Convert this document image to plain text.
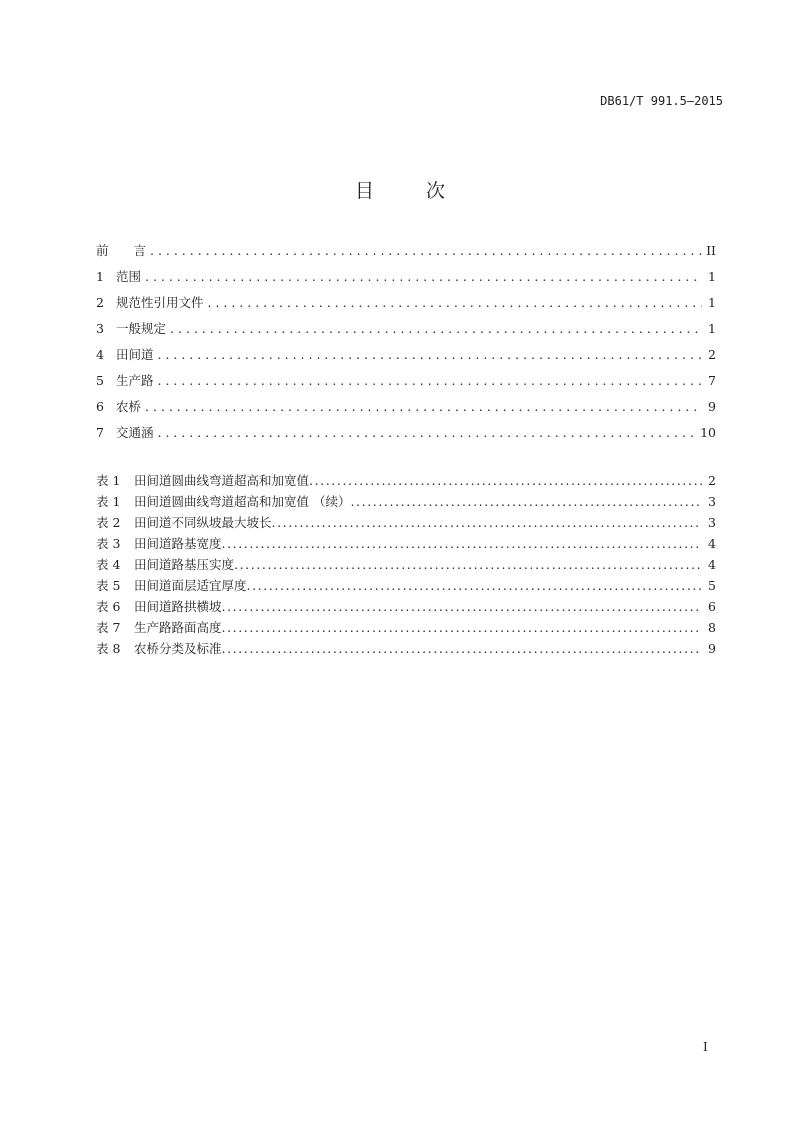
DB61/T 991.5—2015
目	次
前　　言 . . .	II
1 范围 . . .	1
2 规范性引用文件 . . .	1
3 一般规定 . . .	1
4 田间道 . . .	2
5 生产路 . . .	7
6 农桥 . . .	9
7 交通涵 . . .	10
表 1	田间道圆曲线弯道超高和加宽值 .....	2
表 1	田间道圆曲线弯道超高和加宽值 （续） .....	3
表 2	田间道不同纵坡最大坡长 .....	3
表 3	田间道路基宽度 .....	4
表 4	田间道路基压实度 .....	4
表 5	田间道面层适宜厚度 .....	5
表 6	田间道路拱横坡 .....	6
表 7	生产路路面高度 .....	8
表 8	农桥分类及标准 .....	9
I
